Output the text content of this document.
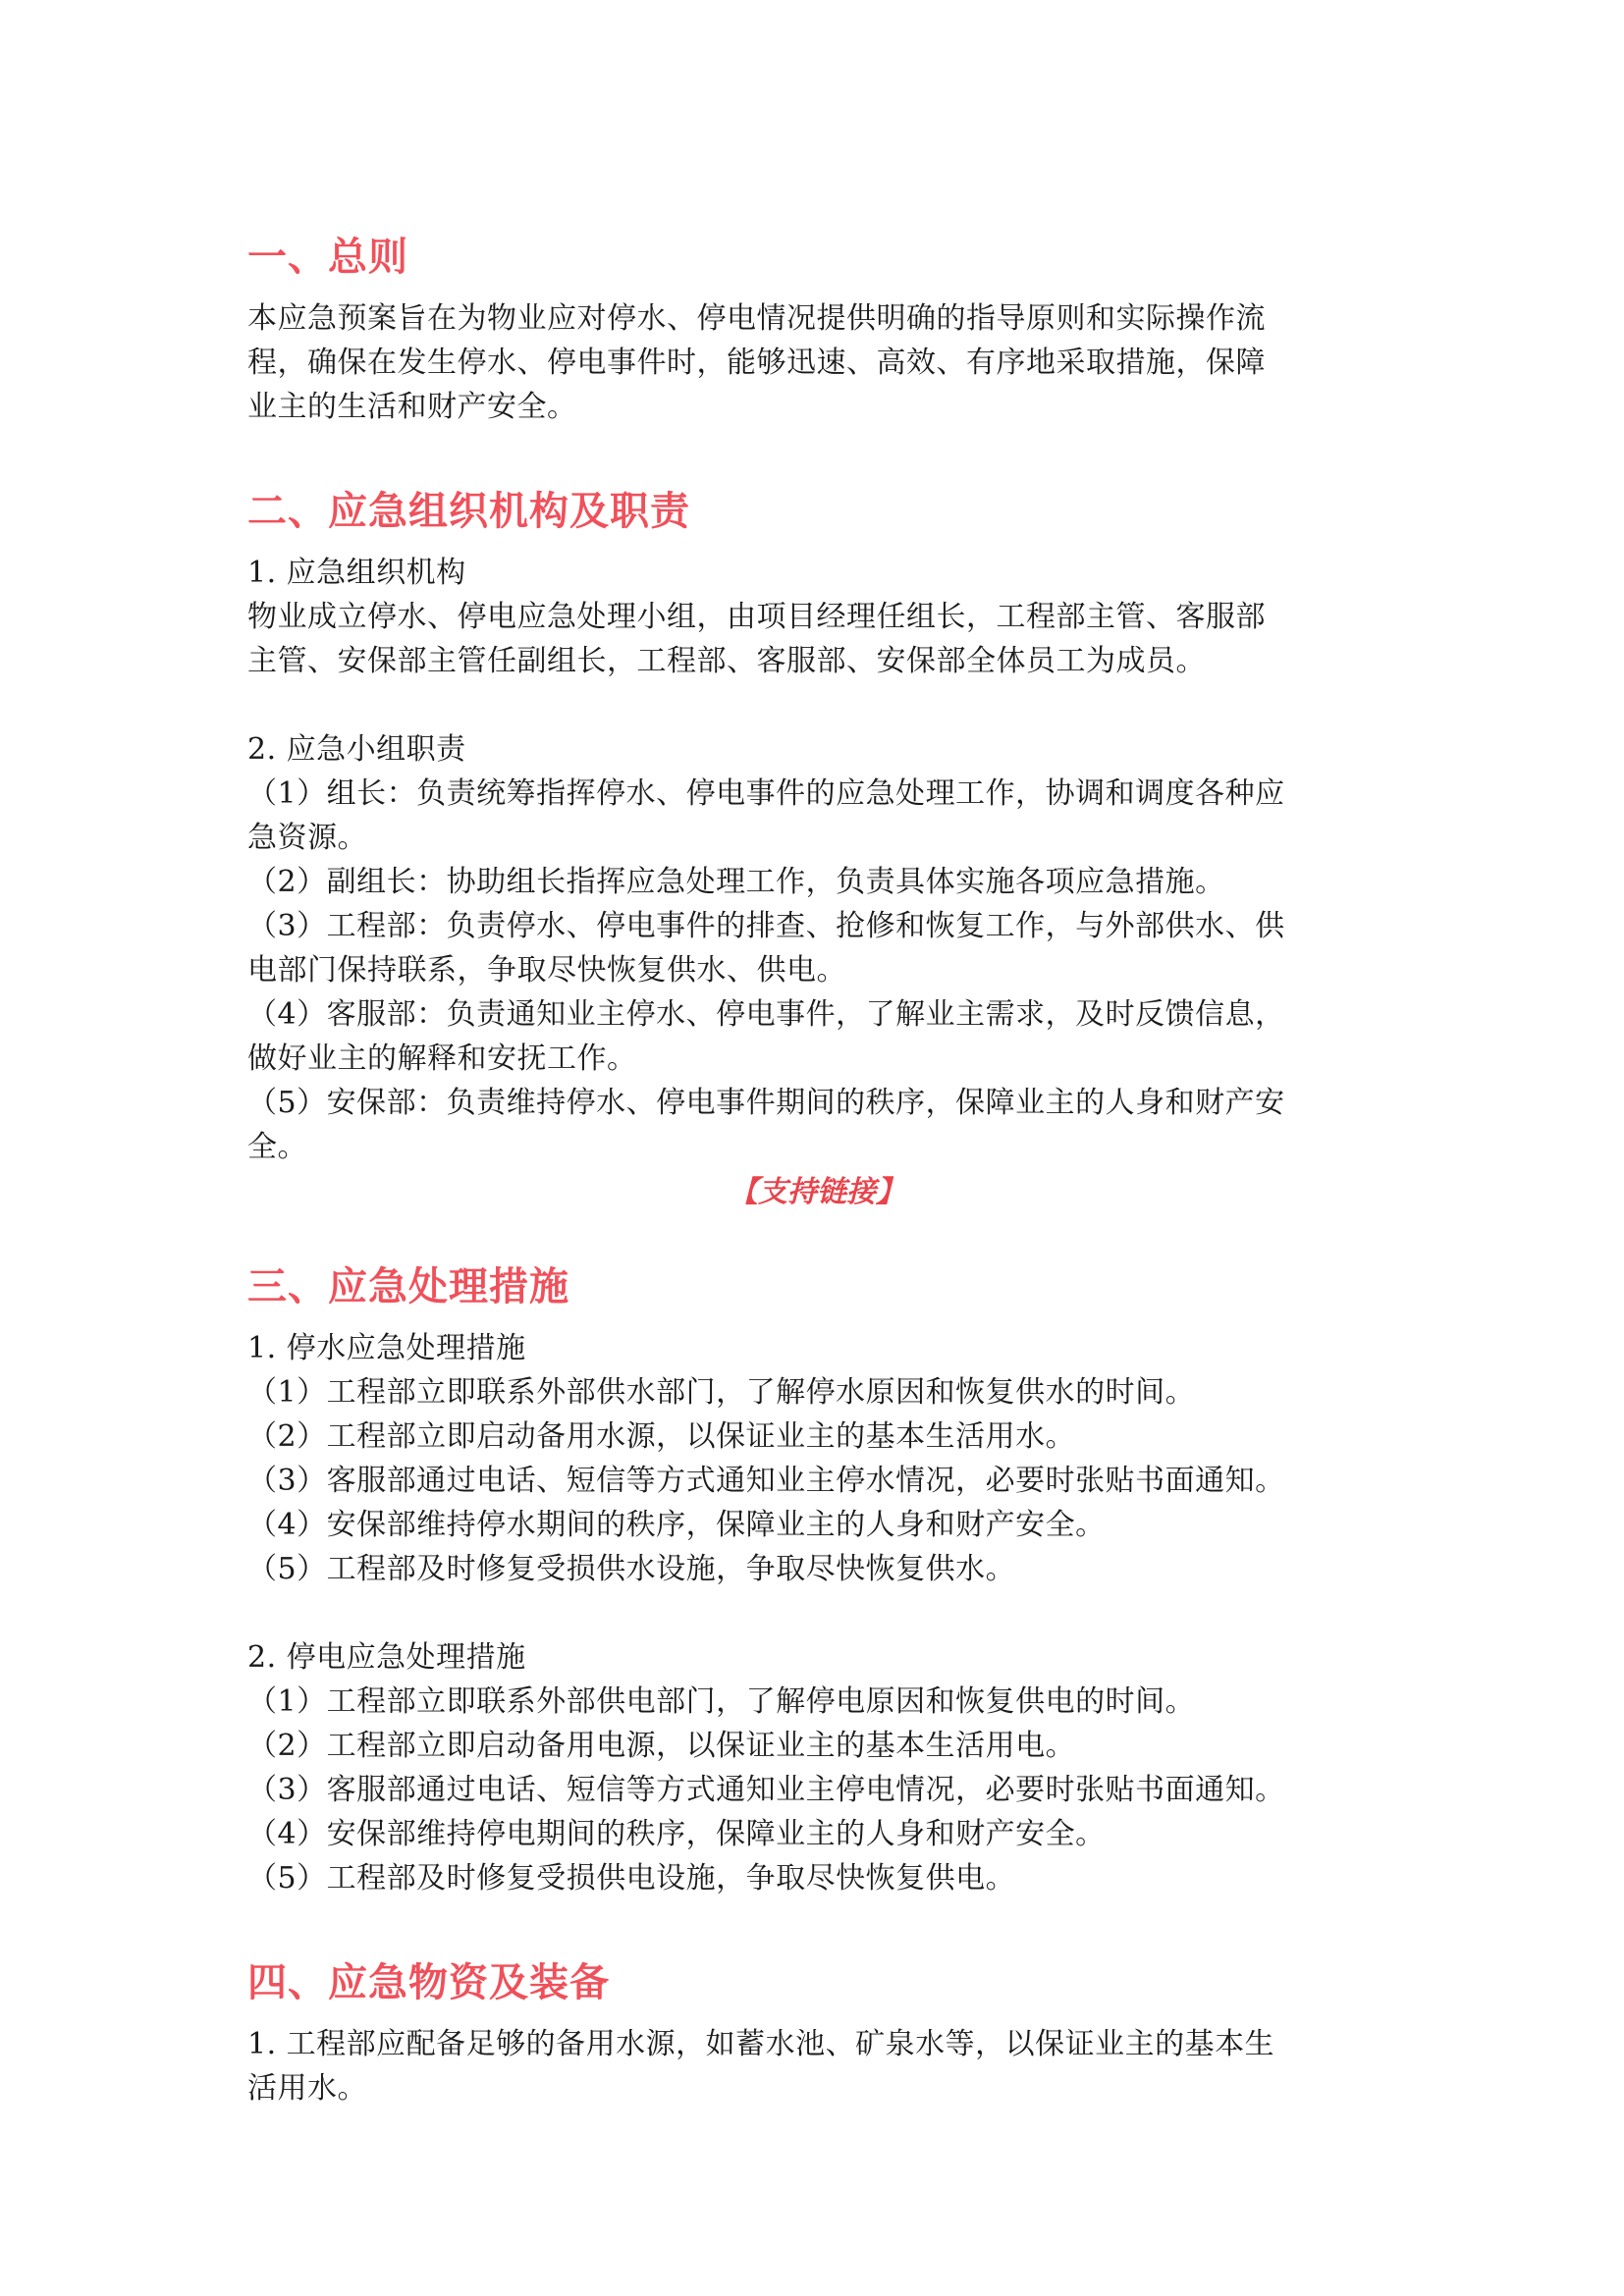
一、总则

本应急预案旨在为物业应对停水、停电情况提供明确的指导原则和实际操作流

程，确保在发生停水、停电事件时，能够迅速、高效、有序地采取措施，保障

业主的生活和财产安全。

二、应急组织机构及职责

1. 应急组织机构

物业成立停水、停电应急处理小组，由项目经理任组长，工程部主管、客服部

主管、安保部主管任副组长，工程部、客服部、安保部全体员工为成员。

2. 应急小组职责

（1）组长：负责统筹指挥停水、停电事件的应急处理工作，协调和调度各种应

急资源。

（2）副组长：协助组长指挥应急处理工作，负责具体实施各项应急措施。

（3）工程部：负责停水、停电事件的排查、抢修和恢复工作，与外部供水、供

电部门保持联系，争取尽快恢复供水、供电。

（4）客服部：负责通知业主停水、停电事件，了解业主需求，及时反馈信息，

做好业主的解释和安抚工作。

（5）安保部：负责维持停水、停电事件期间的秩序，保障业主的人身和财产安

全。

【支持链接】

三、应急处理措施

1. 停水应急处理措施

（1）工程部立即联系外部供水部门，了解停水原因和恢复供水的时间。

（2）工程部立即启动备用水源，以保证业主的基本生活用水。

（3）客服部通过电话、短信等方式通知业主停水情况，必要时张贴书面通知。

（4）安保部维持停水期间的秩序，保障业主的人身和财产安全。

（5）工程部及时修复受损供水设施，争取尽快恢复供水。

2. 停电应急处理措施

（1）工程部立即联系外部供电部门，了解停电原因和恢复供电的时间。

（2）工程部立即启动备用电源，以保证业主的基本生活用电。

（3）客服部通过电话、短信等方式通知业主停电情况，必要时张贴书面通知。

（4）安保部维持停电期间的秩序，保障业主的人身和财产安全。

（5）工程部及时修复受损供电设施，争取尽快恢复供电。

四、应急物资及装备

1. 工程部应配备足够的备用水源，如蓄水池、矿泉水等，以保证业主的基本生

活用水。
